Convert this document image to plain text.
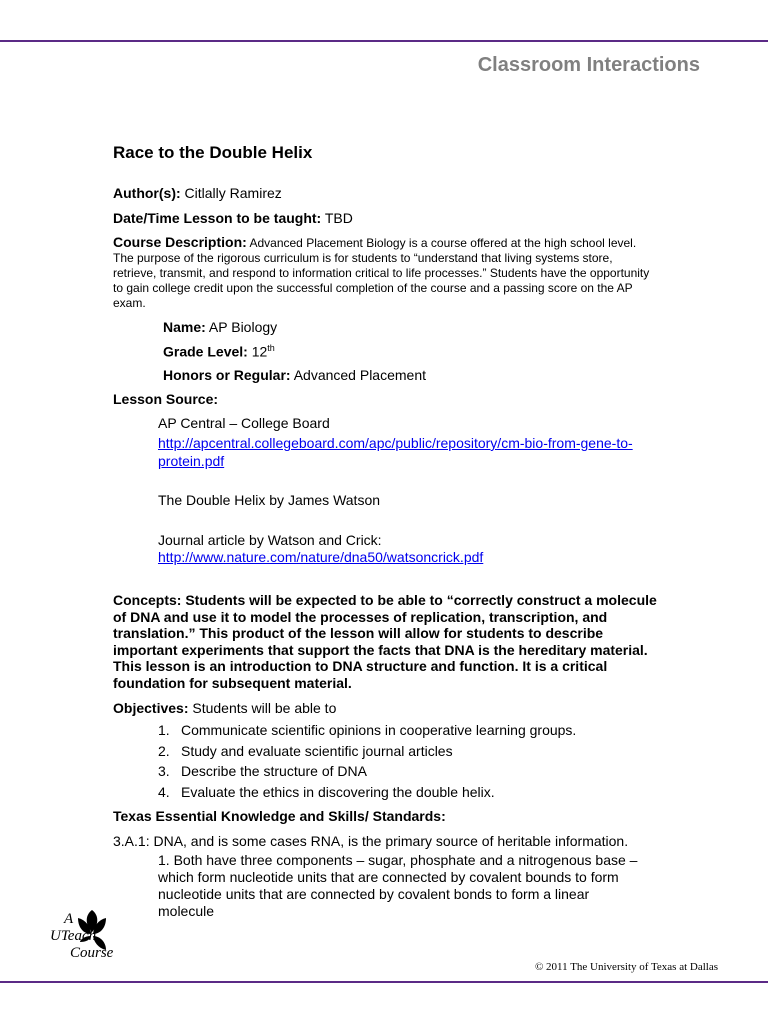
Classroom Interactions
Race to the Double Helix
Author(s): Citlally Ramirez
Date/Time Lesson to be taught: TBD
Course Description: Advanced Placement Biology is a course offered at the high school level. The purpose of the rigorous curriculum is for students to “understand that living systems store, retrieve, transmit, and respond to information critical to life processes.” Students have the opportunity to gain college credit upon the successful completion of the course and a passing score on the AP exam.
Name: AP Biology
Grade Level: 12th
Honors or Regular: Advanced Placement
Lesson Source:
AP Central – College Board
http://apcentral.collegeboard.com/apc/public/repository/cm-bio-from-gene-to-protein.pdf
The Double Helix by James Watson
Journal article by Watson and Crick:
http://www.nature.com/nature/dna50/watsoncrick.pdf
Concepts: Students will be expected to be able to “correctly construct a molecule of DNA and use it to model the processes of replication, transcription, and translation.” This product of the lesson will allow for students to describe important experiments that support the facts that DNA is the hereditary material. This lesson is an introduction to DNA structure and function. It is a critical foundation for subsequent material.
Objectives: Students will be able to
1. Communicate scientific opinions in cooperative learning groups.
2. Study and evaluate scientific journal articles
3. Describe the structure of DNA
4. Evaluate the ethics in discovering the double helix.
Texas Essential Knowledge and Skills/ Standards:
3.A.1: DNA, and is some cases RNA, is the primary source of heritable information.
1. Both have three components – sugar, phosphate and a nitrogenous base – which form nucleotide units that are connected by covalent bounds to form nucleotide units that are connected by covalent bonds to form a linear molecule
A
UTeach
Course
© 2011 The University of Texas at Dallas
